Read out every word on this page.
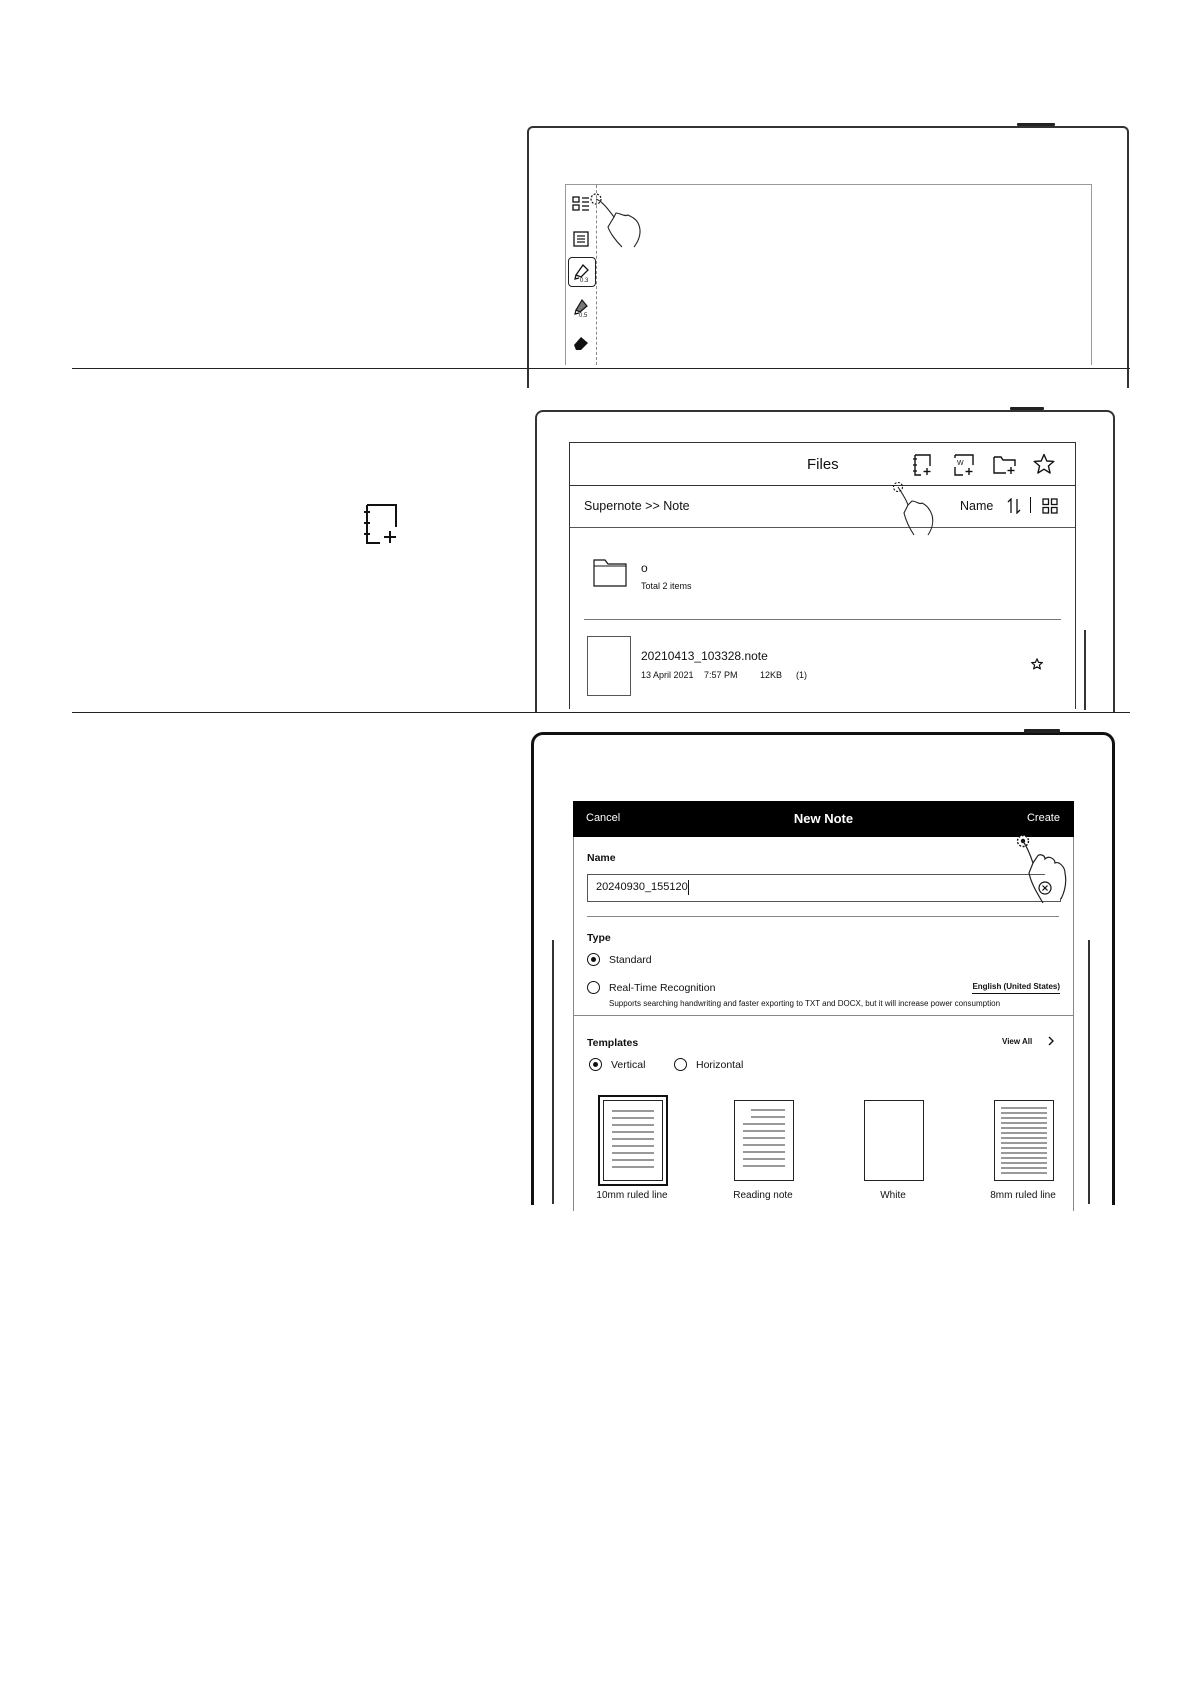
0.3
0.5
Files	W
Supernote >> Note	Name
o
Total 2 items
20210413_103328.note
13 April 2021 7:57 PM 12KB (1)
Cancel	New Note	Create
Name
20240930_155120
Type
Standard
Real-Time Recognition	English (United States)
Supports searching handwriting and faster exporting to TXT and DOCX, but it will increase power consumption
Templates	View All
Vertical	Horizontal
10mm ruled line	Reading note	White	8mm ruled line
